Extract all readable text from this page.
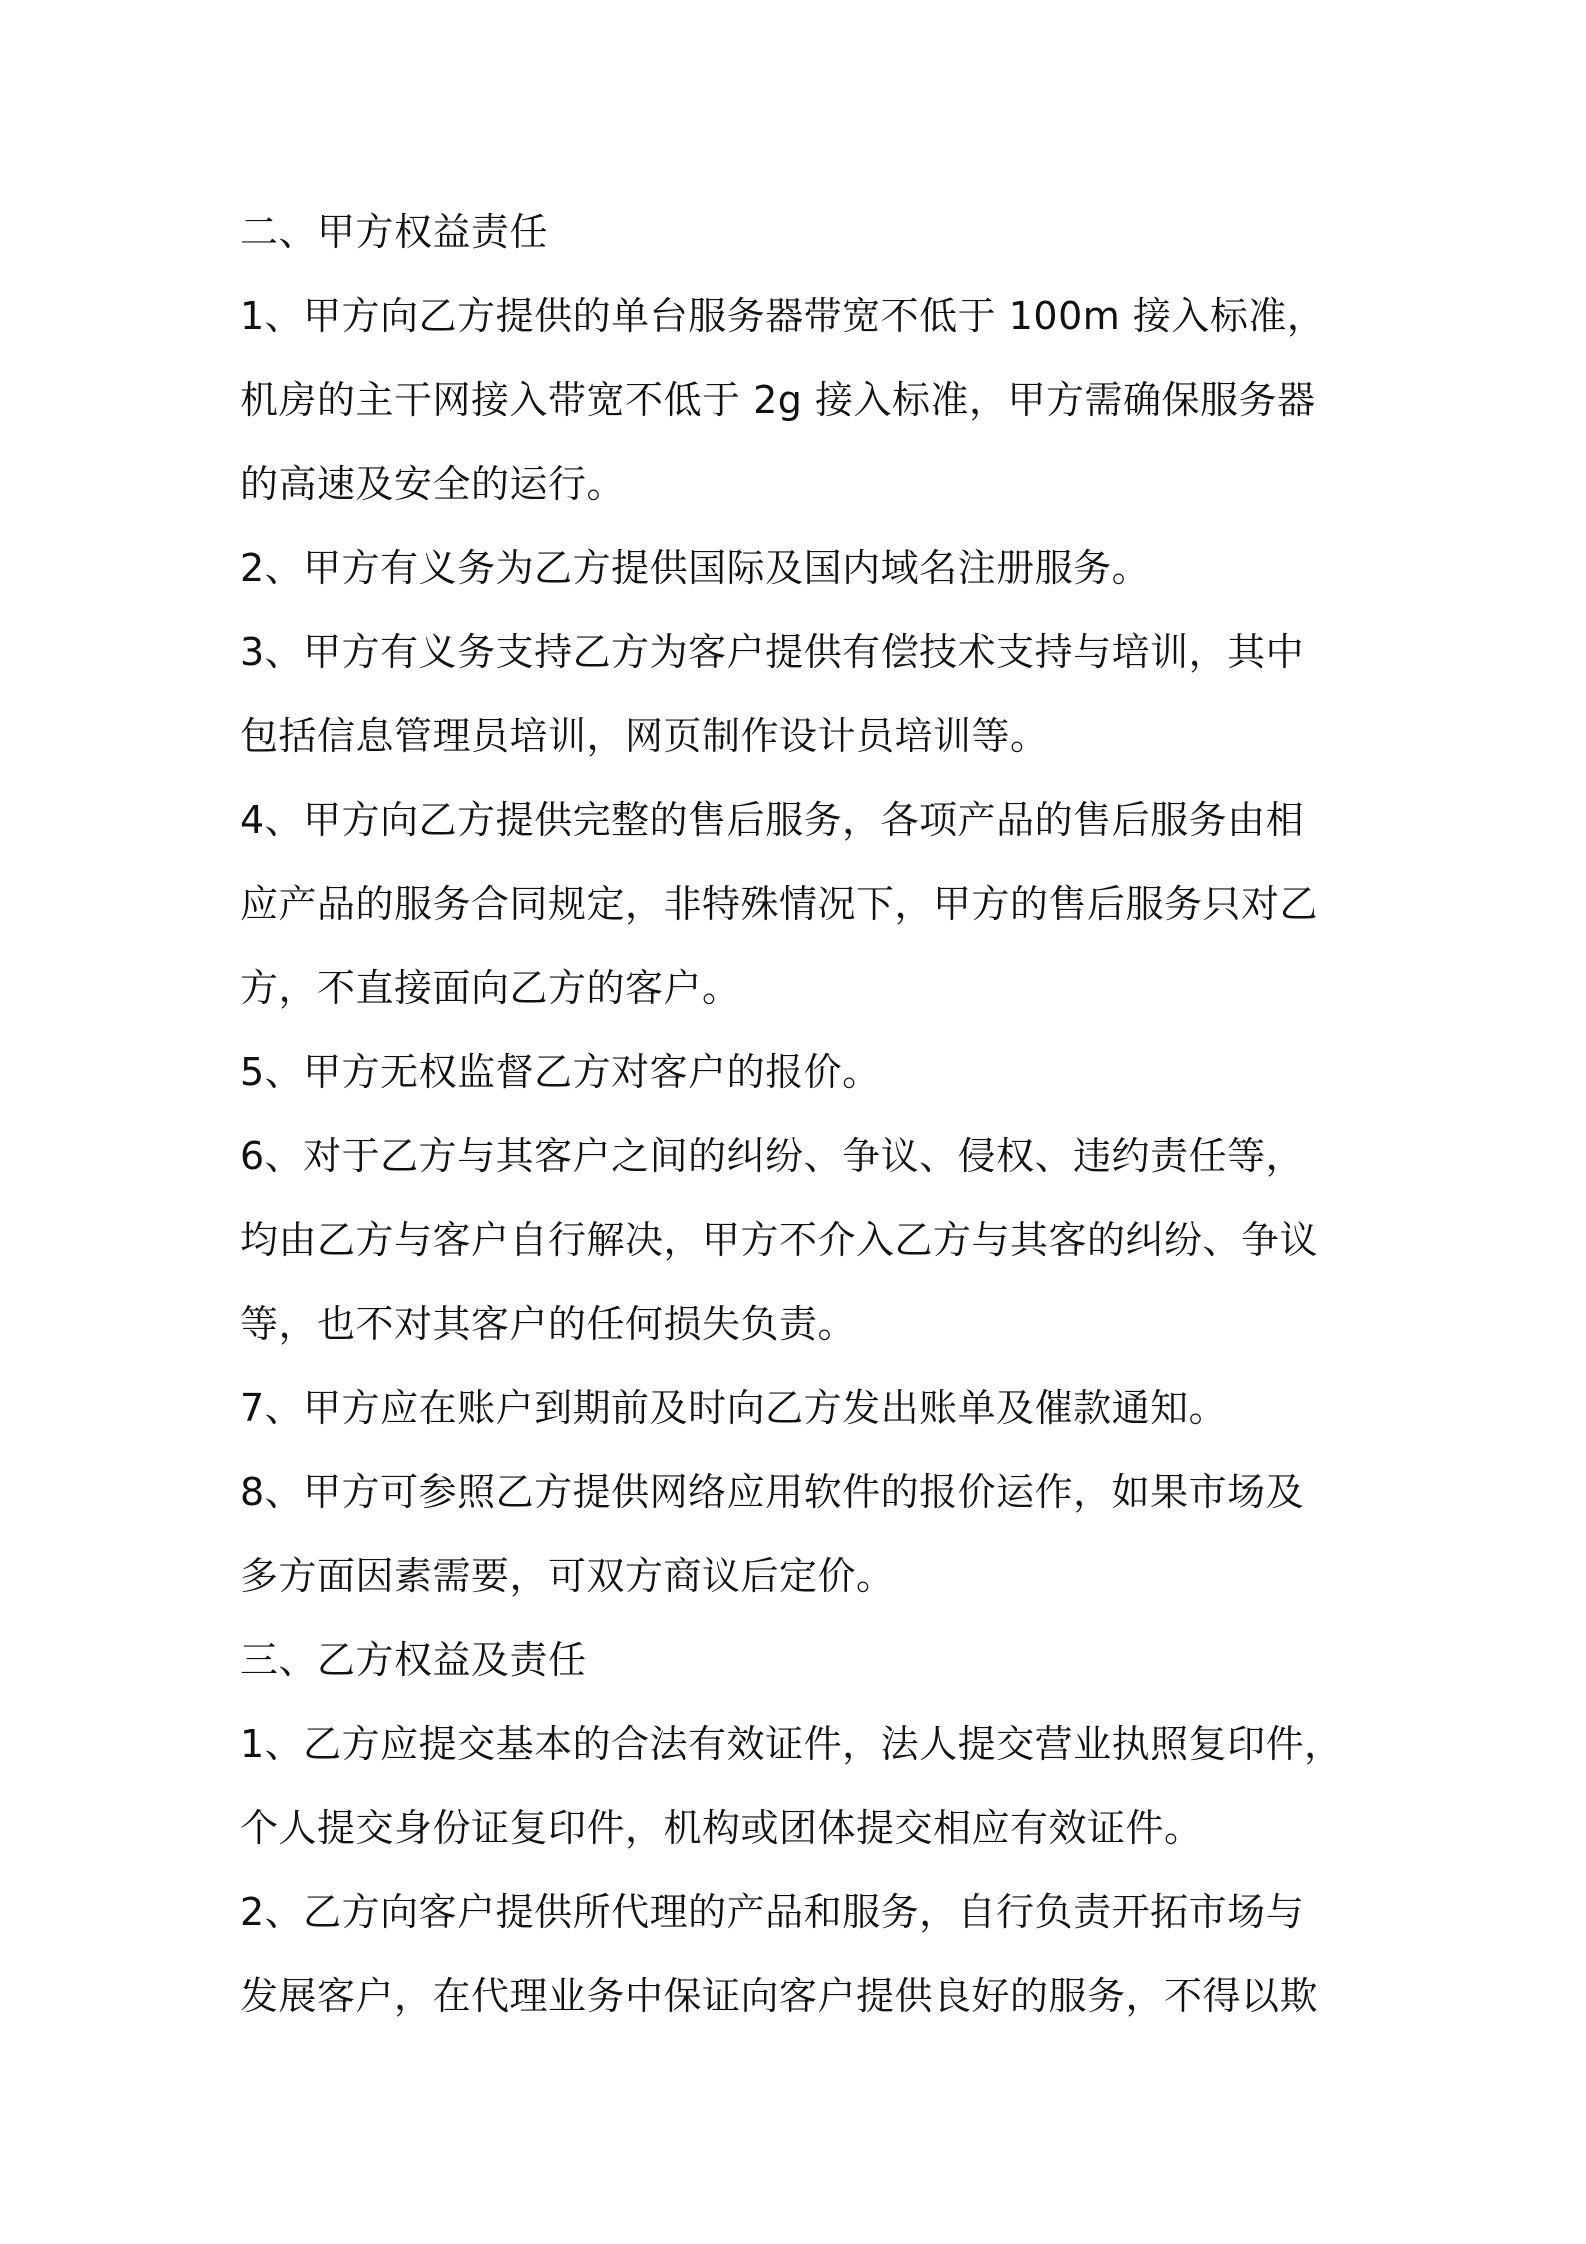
二、甲方权益责任
1、甲方向乙方提供的单台服务器带宽不低于 100m 接入标准，
机房的主干网接入带宽不低于 2g 接入标准，甲方需确保服务器
的高速及安全的运行。
2、甲方有义务为乙方提供国际及国内域名注册服务。
3、甲方有义务支持乙方为客户提供有偿技术支持与培训，其中
包括信息管理员培训，网页制作设计员培训等。
4、甲方向乙方提供完整的售后服务，各项产品的售后服务由相
应产品的服务合同规定，非特殊情况下，甲方的售后服务只对乙
方，不直接面向乙方的客户。
5、甲方无权监督乙方对客户的报价。
6、对于乙方与其客户之间的纠纷、争议、侵权、违约责任等，
均由乙方与客户自行解决，甲方不介入乙方与其客的纠纷、争议
等，也不对其客户的任何损失负责。
7、甲方应在账户到期前及时向乙方发出账单及催款通知。
8、甲方可参照乙方提供网络应用软件的报价运作，如果市场及
多方面因素需要，可双方商议后定价。
三、乙方权益及责任
1、乙方应提交基本的合法有效证件，法人提交营业执照复印件，
个人提交身份证复印件，机构或团体提交相应有效证件。
2、乙方向客户提供所代理的产品和服务，自行负责开拓市场与
发展客户，在代理业务中保证向客户提供良好的服务，不得以欺
